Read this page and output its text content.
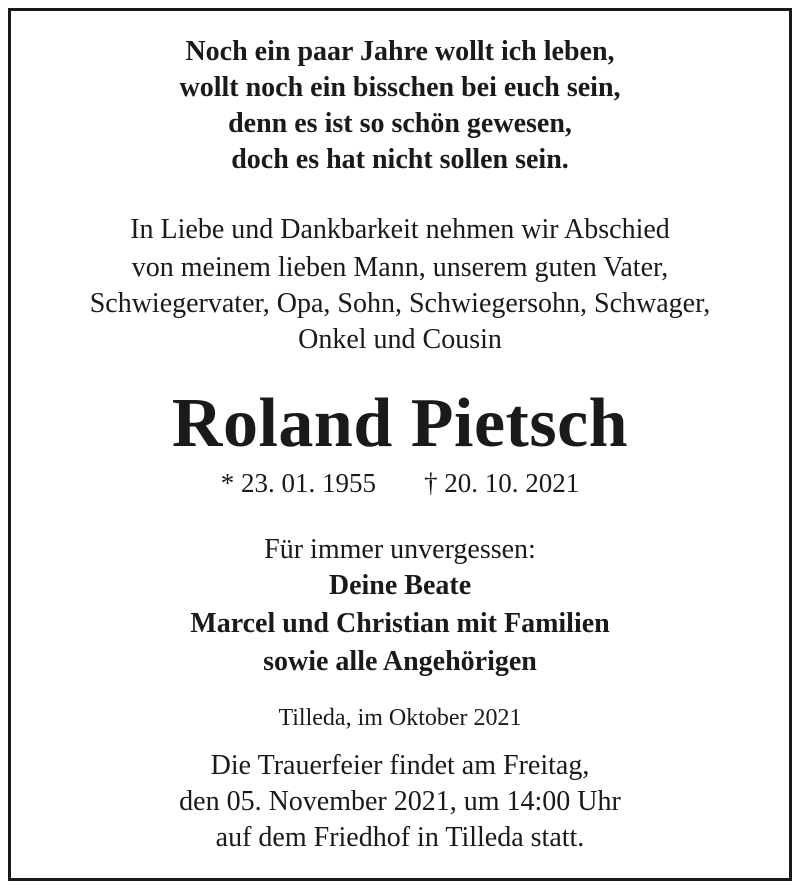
Noch ein paar Jahre wollt ich leben,
wollt noch ein bisschen bei euch sein,
denn es ist so schön gewesen,
doch es hat nicht sollen sein.
In Liebe und Dankbarkeit nehmen wir Abschied
von meinem lieben Mann, unserem guten Vater,
Schwiegervater, Opa, Sohn, Schwiegersohn, Schwager,
Onkel und Cousin
Roland Pietsch
* 23. 01. 1955 † 20. 10. 2021
Für immer unvergessen:
Deine Beate
Marcel und Christian mit Familien
sowie alle Angehörigen
Tilleda, im Oktober 2021
Die Trauerfeier findet am Freitag,
den 05. November 2021, um 14:00 Uhr
auf dem Friedhof in Tilleda statt.
